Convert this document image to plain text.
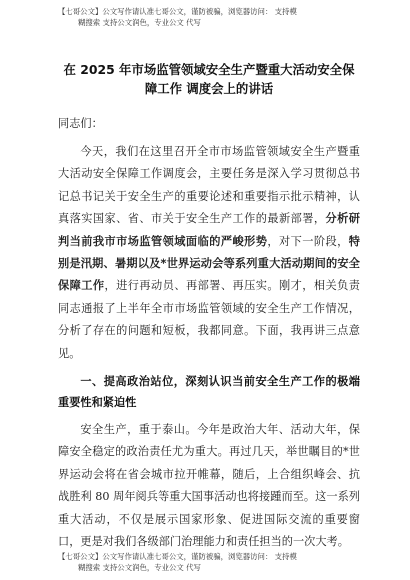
【七哥公文】公文写作请认准七哥公文，谨防被骗，浏览器访问： 支持模
糊搜索 支持公文润色，专业公文 代写
在 2025 年市场监管领域安全生产暨重大活动安全保障工作 调度会上的讲话
同志们：

今天，我们在这里召开全市市场监管领域安全生产暨重大活动安全保障工作调度会，主要任务是深入学习贯彻总书记总书记关于安全生产的重要论述和重要指示批示精神，认真落实国家、省、市关于安全生产工作的最新部署，分析研判当前我市市场监管领域面临的严峻形势，对下一阶段，特别是汛期、暑期以及*世界运动会等系列重大活动期间的安全保障工作，进行再动员、再部署、再压实。刚才，相关负责同志通报了上半年全市市场监管领域的安全生产工作情况，分析了存在的问题和短板，我都同意。下面，我再讲三点意见。

一、提高政治站位，深刻认识当前安全生产工作的极端重要性和紧迫性

安全生产，重于泰山。今年是政治大年、活动大年，保障安全稳定的政治责任尤为重大。再过几天，举世瞩目的*世界运动会将在省会城市拉开帷幕，随后，上合组织峰会、抗战胜利 80 周年阅兵等重大国事活动也将接踵而至。这一系列重大活动，不仅是展示国家形象、促进国际交流的重要窗口，更是对我们各级部门治理能力和责任担当的一次大考。

【七哥公文】公文写作请认准七哥公文，谨防被骗，浏览器访问： 支持模
糊搜索 支持公文润色，专业公文 代写
